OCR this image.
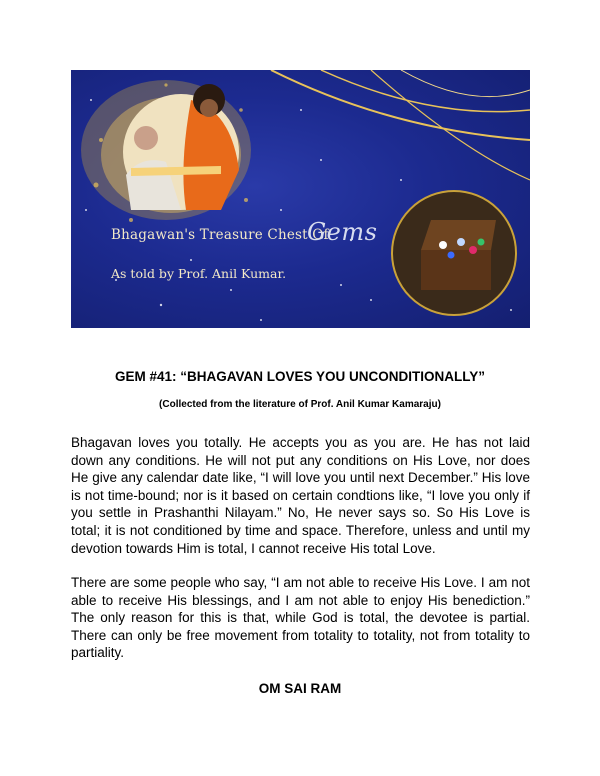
Bhagawan's Treasure Chest Of
Gems
As told by Prof. Anil Kumar.
GEM #41: “BHAGAVAN LOVES YOU UNCONDITIONALLY”
(Collected from the literature of Prof. Anil Kumar Kamaraju)

Bhagavan loves you totally. He accepts you as you are. He has not laid down any conditions. He will not put any conditions on His Love, nor does He give any calendar date like, “I will love you until next December.” His love is not time-bound; nor is it based on certain condtions like, “I love you only if you settle in Prashanthi Nilayam.” No, He never says so. So His Love is total; it is not conditioned by time and space. Therefore, unless and until my devotion towards Him is total, I cannot receive His total Love.

There are some people who say, “I am not able to receive His Love. I am not able to receive His blessings, and I am not able to enjoy His benediction.” The only reason for this is that, while God is total, the devotee is partial. There can only be free movement from totality to totality, not from totality to partiality.

OM SAI RAM
